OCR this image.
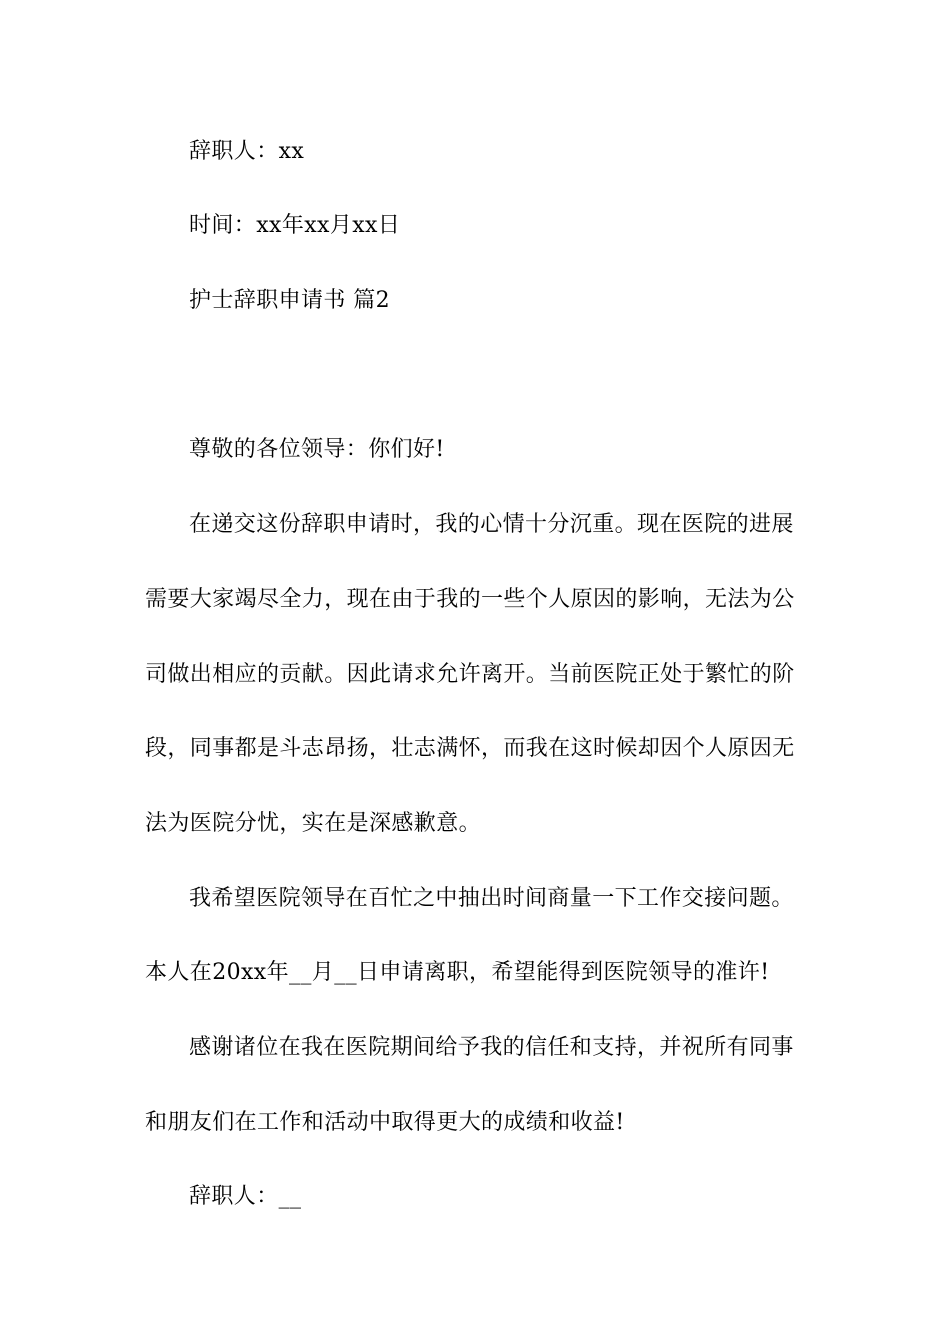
辞职人：xx
时间：xx年xx月xx日
护士辞职申请书 篇2
尊敬的各位领导：你们好!
在递交这份辞职申请时，我的心情十分沉重。现在医院的进展
需要大家竭尽全力，现在由于我的一些个人原因的影响，无法为公
司做出相应的贡献。因此请求允许离开。当前医院正处于繁忙的阶
段，同事都是斗志昂扬，壮志满怀，而我在这时候却因个人原因无
法为医院分忧，实在是深感歉意。
我希望医院领导在百忙之中抽出时间商量一下工作交接问题。
本人在20xx年__月__日申请离职，希望能得到医院领导的准许!
感谢诸位在我在医院期间给予我的信任和支持，并祝所有同事
和朋友们在工作和活动中取得更大的成绩和收益!
辞职人：__
